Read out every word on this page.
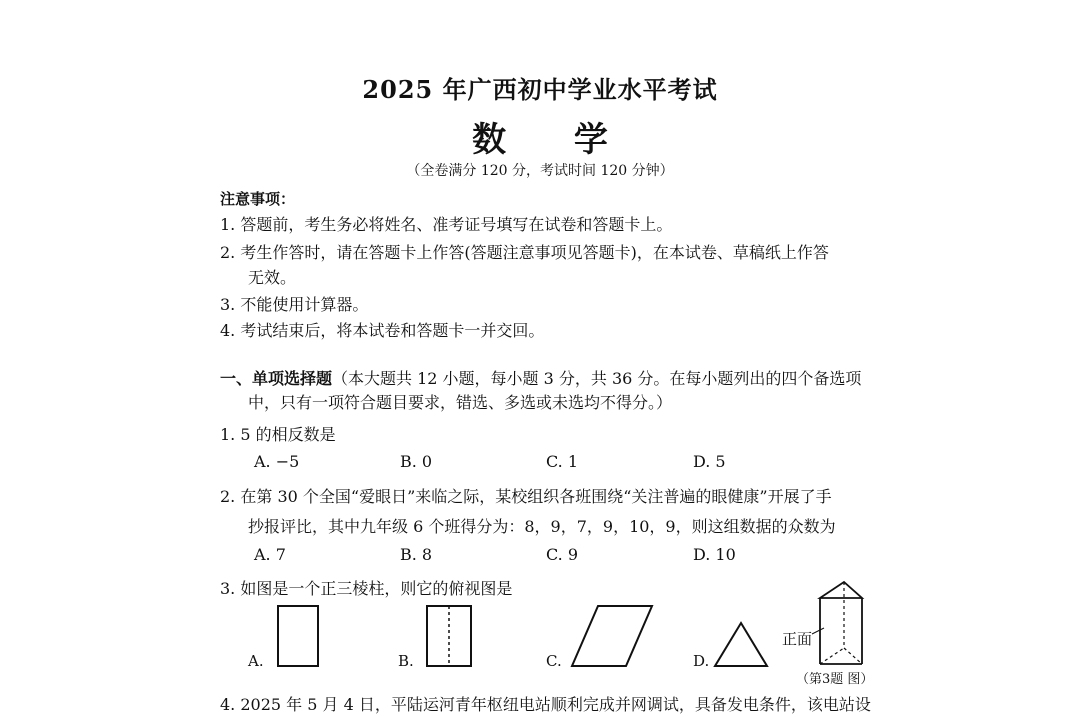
2025 年广西初中学业水平考试
数 学
（全卷满分 120 分，考试时间 120 分钟）
注意事项：
1. 答题前，考生务必将姓名、准考证号填写在试卷和答题卡上。
2. 考生作答时，请在答题卡上作答(答题注意事项见答题卡)，在本试卷、草稿纸上作答
无效。
3. 不能使用计算器。
4. 考试结束后，将本试卷和答题卡一并交回。
一、单项选择题（本大题共 12 小题，每小题 3 分，共 36 分。在每小题列出的四个备选项
中，只有一项符合题目要求，错选、多选或未选均不得分。）
1. 5 的相反数是
A. −5	B. 0	C. 1	D. 5
2. 在第 30 个全国“爱眼日”来临之际，某校组织各班围绕“关注普遍的眼健康”开展了手
抄报评比，其中九年级 6 个班得分为：8，9，7，9，10，9，则这组数据的众数为
A. 7	B. 8	C. 9	D. 10
3. 如图是一个正三棱柱，则它的俯视图是
A.	B.	C.	D.
正面
（第3题 图）
4. 2025 年 5 月 4 日，平陆运河青年枢纽电站顺利完成并网调试，具备发电条件，该电站设
